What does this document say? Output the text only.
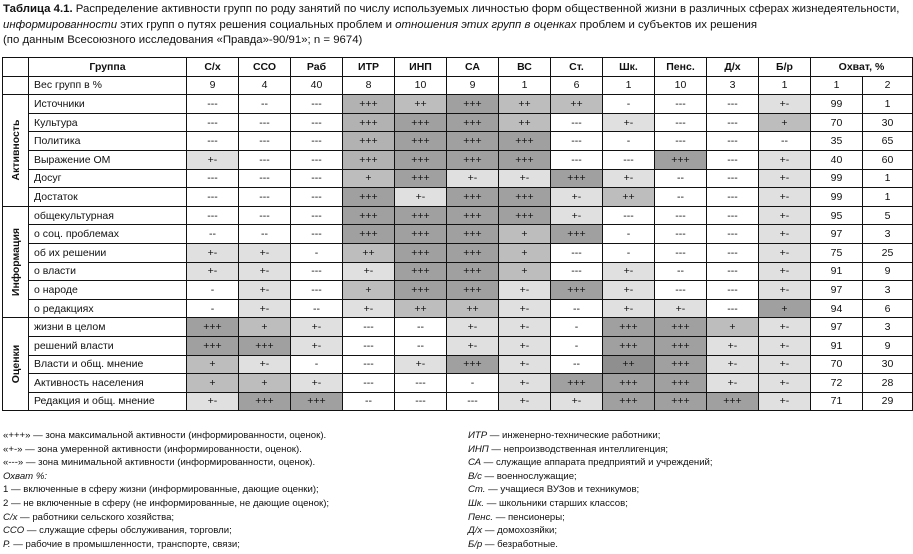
Таблица 4.1. Распределение активности групп по роду занятий по числу используемых личностью форм общественной жизни в различных сферах жизнедеятельности,
информированности этих групп о путях решения социальных проблем и отношения этих групп в оценках проблем и субъектов их решения
(по данным Всесоюзного исследования «Правда»-90/91»; n = 9674)
	Группа	С/х	ССО	Раб	ИТР	ИНП	СА	ВС	Ст.	Шк.	Пенс.	Д/х	Б/р	Охват, %	
	Вес групп в %	9	4	40	8	10	9	1	6	1	10	3	1	1	2

Активность	Источники	---	--	---	+++	++	+++	++	++	-	---	---	+-	99	1
	Культура	---	---	---	+++	+++	+++	++	---	+-	---	---	+	70	30
	Политика	---	---	---	+++	+++	+++	+++	---	-	---	---	--	35	65
	Выражение ОМ	+-	---	---	+++	+++	+++	+++	---	---	+++	---	+-	40	60
	Досуг	---	---	---	+	+++	+-	+-	+++	+-	--	---	+-	99	1
	Достаток	---	---	---	+++	+-	+++	+++	+-	++	--	---	+-	99	1

Информация	общекультурная	---	---	---	+++	+++	+++	+++	+-	---	---	---	+-	95	5
	о соц. проблемах	--	--	---	+++	+++	+++	+	+++	-	---	---	+-	97	3
	об их решении	+-	+-	-	++	+++	+++	+	---	-	---	---	+-	75	25
	о власти	+-	+-	---	+-	+++	+++	+	---	+-	--	---	+-	91	9
	о народе	-	+-	---	+	+++	+++	+-	+++	+-	---	---	+-	97	3
	о редакциях	-	+-	--	+-	++	++	+-	--	+-	+-	---	+	94	6

Оценки	жизни в целом	+++	+	+-	---	--	+-	+-	-	+++	+++	+	+-	97	3
	решений власти	+++	+++	+-	---	--	+-	+-	-	+++	+++	+-	+-	91	9
	Власти и общ. мнение	+	+-	-	---	+-	+++	+-	--	++	+++	+-	+-	70	30
	Активность населения	+	+	+-	---	---	-	+-	+++	+++	+++	+-	+-	72	28
	Редакция и общ. мнение	+-	+++	+++	--	---	---	+-	+-	+++	+++	+++	+-	71	29
«+++» — зона максимальной активности (информированности, оценок).
«+-» — зона умеренной активности (информированности, оценок).
«---» — зона минимальной активности (информированности, оценок).
Охват %:
1 — включенные в сферу жизни (информированные, дающие оценки);
2 — не включенные в сферу (не информированные, не дающие оценок);
С/х — работники сельского хозяйства;
ССО — служащие сферы обслуживания, торговли;
Р. — рабочие в промышленности, транспорте, связи;
ИТР — инженерно-технические работники;
ИНП — непроизводственная интеллигенция;
СА — служащие аппарата предприятий и учреждений;
В/с — военнослужащие;
Ст. — учащиеся ВУЗов и техникумов;
Шк. — школьники старших классов;
Пенс. — пенсионеры;
Д/х — домохозяйки;
Б/р — безработные.
